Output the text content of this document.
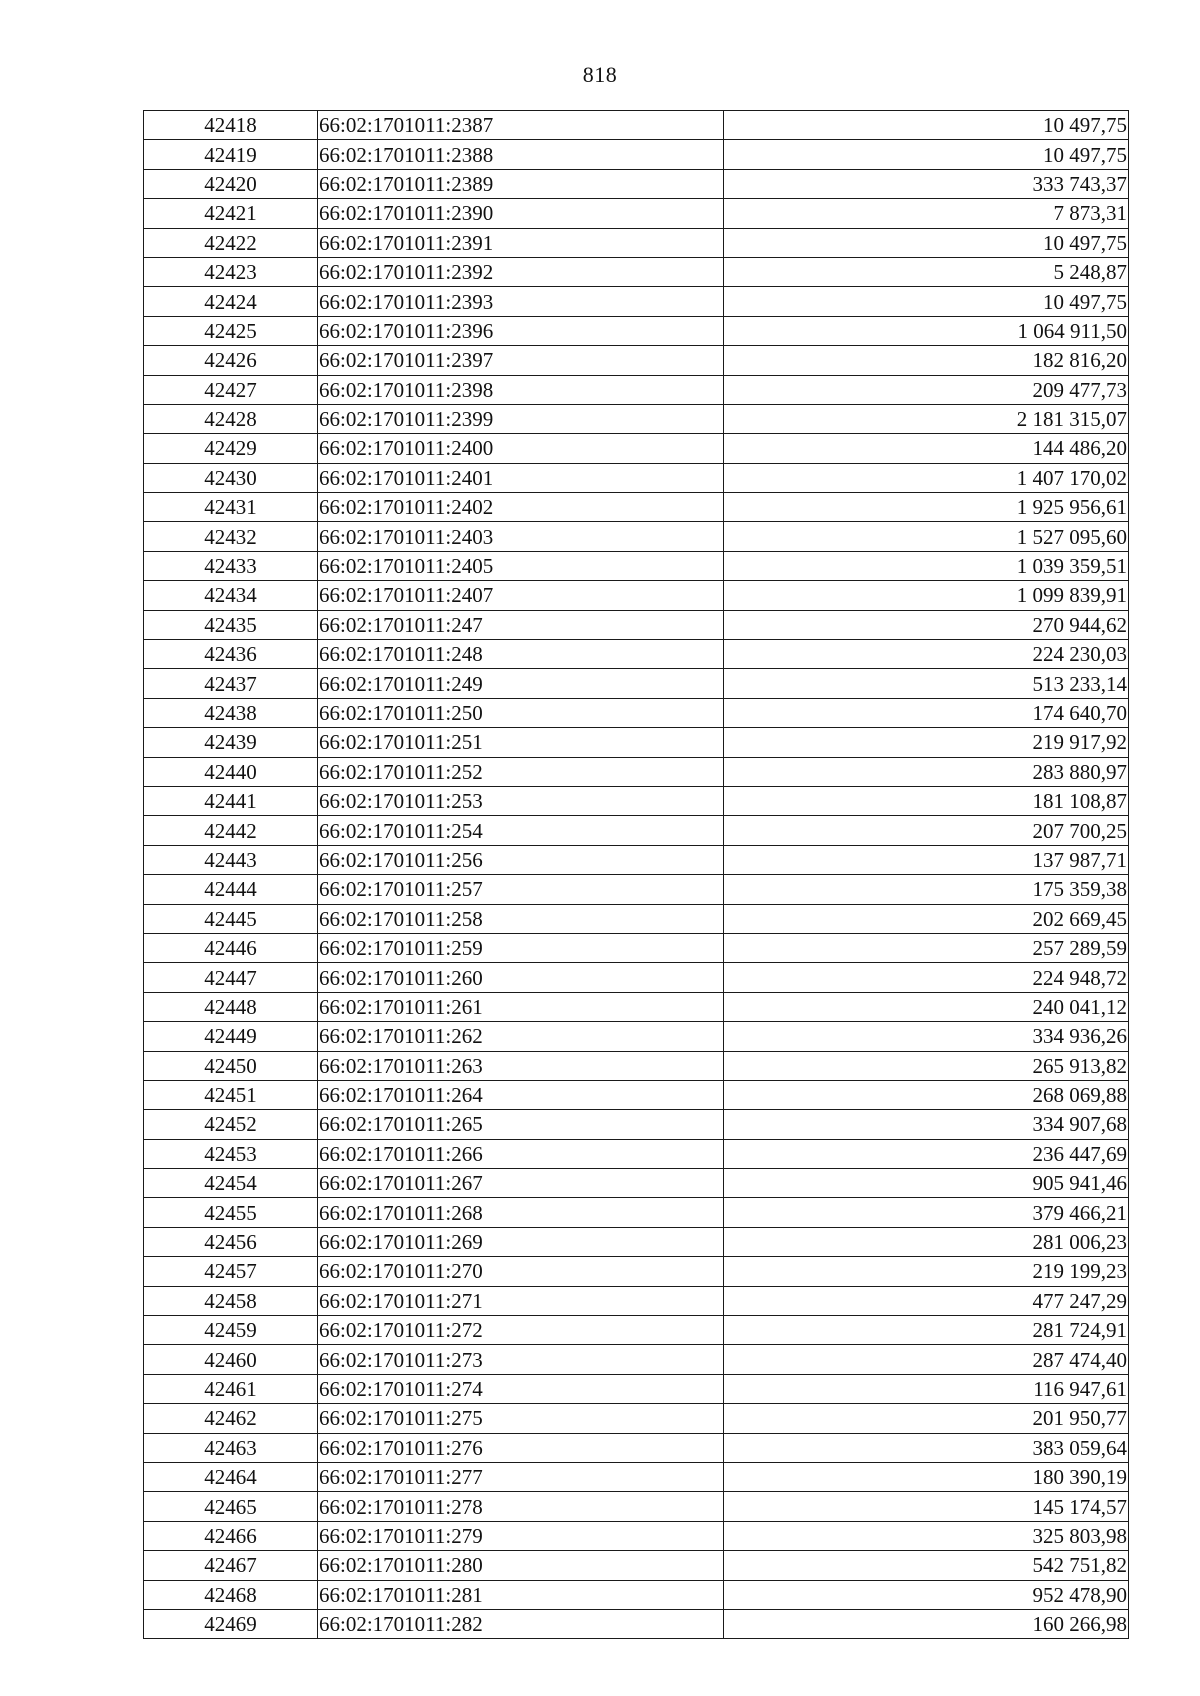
818
42418	66:02:1701011:2387	10 497,75
42419	66:02:1701011:2388	10 497,75
42420	66:02:1701011:2389	333 743,37
42421	66:02:1701011:2390	7 873,31
42422	66:02:1701011:2391	10 497,75
42423	66:02:1701011:2392	5 248,87
42424	66:02:1701011:2393	10 497,75
42425	66:02:1701011:2396	1 064 911,50
42426	66:02:1701011:2397	182 816,20
42427	66:02:1701011:2398	209 477,73
42428	66:02:1701011:2399	2 181 315,07
42429	66:02:1701011:2400	144 486,20
42430	66:02:1701011:2401	1 407 170,02
42431	66:02:1701011:2402	1 925 956,61
42432	66:02:1701011:2403	1 527 095,60
42433	66:02:1701011:2405	1 039 359,51
42434	66:02:1701011:2407	1 099 839,91
42435	66:02:1701011:247	270 944,62
42436	66:02:1701011:248	224 230,03
42437	66:02:1701011:249	513 233,14
42438	66:02:1701011:250	174 640,70
42439	66:02:1701011:251	219 917,92
42440	66:02:1701011:252	283 880,97
42441	66:02:1701011:253	181 108,87
42442	66:02:1701011:254	207 700,25
42443	66:02:1701011:256	137 987,71
42444	66:02:1701011:257	175 359,38
42445	66:02:1701011:258	202 669,45
42446	66:02:1701011:259	257 289,59
42447	66:02:1701011:260	224 948,72
42448	66:02:1701011:261	240 041,12
42449	66:02:1701011:262	334 936,26
42450	66:02:1701011:263	265 913,82
42451	66:02:1701011:264	268 069,88
42452	66:02:1701011:265	334 907,68
42453	66:02:1701011:266	236 447,69
42454	66:02:1701011:267	905 941,46
42455	66:02:1701011:268	379 466,21
42456	66:02:1701011:269	281 006,23
42457	66:02:1701011:270	219 199,23
42458	66:02:1701011:271	477 247,29
42459	66:02:1701011:272	281 724,91
42460	66:02:1701011:273	287 474,40
42461	66:02:1701011:274	116 947,61
42462	66:02:1701011:275	201 950,77
42463	66:02:1701011:276	383 059,64
42464	66:02:1701011:277	180 390,19
42465	66:02:1701011:278	145 174,57
42466	66:02:1701011:279	325 803,98
42467	66:02:1701011:280	542 751,82
42468	66:02:1701011:281	952 478,90
42469	66:02:1701011:282	160 266,98
